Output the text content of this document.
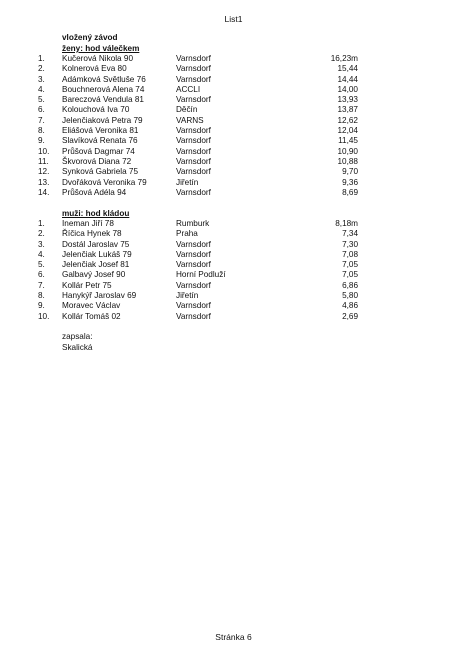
List1
vložený závod
ženy: hod válečkem
1. Kučerová Nikola 90	Varnsdorf	16,23m
2. Kolnerová Eva 80	Varnsdorf	15,44
3. Adámková Světluše 76	Varnsdorf	14,44
4. Bouchnerová Alena 74	ACCLI	14,00
5. Bareczová Vendula 81	Varnsdorf	13,93
6. Kolouchová Iva 70	Děčín	13,87
7. Jelenčiaková Petra 79	VARNS	12,62
8. Eliášová Veronika 81	Varnsdorf	12,04
9. Slavíková Renata 76	Varnsdorf	11,45
10. Průšová Dagmar 74	Varnsdorf	10,90
11. Škvorová Diana 72	Varnsdorf	10,88
12. Synková Gabriela 75	Varnsdorf	9,70
13. Dvořáková Veronika 79	Jiřetín	9,36
14. Průšová Adéla 94	Varnsdorf	8,69
muži: hod kládou
1. Ineman Jiří 78	Rumburk	8,18m
2. Říčica Hynek 78	Praha	7,34
3. Dostál Jaroslav 75	Varnsdorf	7,30
4. Jelenčiak Lukáš 79	Varnsdorf	7,08
5. Jelenčiak Josef 81	Varnsdorf	7,05
6. Galbavý Josef 90	Horní Podluží	7,05
7. Kollár Petr 75	Varnsdorf	6,86
8. Hanykýř Jaroslav 69	Jiřetín	5,80
9. Moravec Václav	Varnsdorf	4,86
10. Kollár Tomáš 02	Varnsdorf	2,69
zapsala:
Skalická
Stránka 6
